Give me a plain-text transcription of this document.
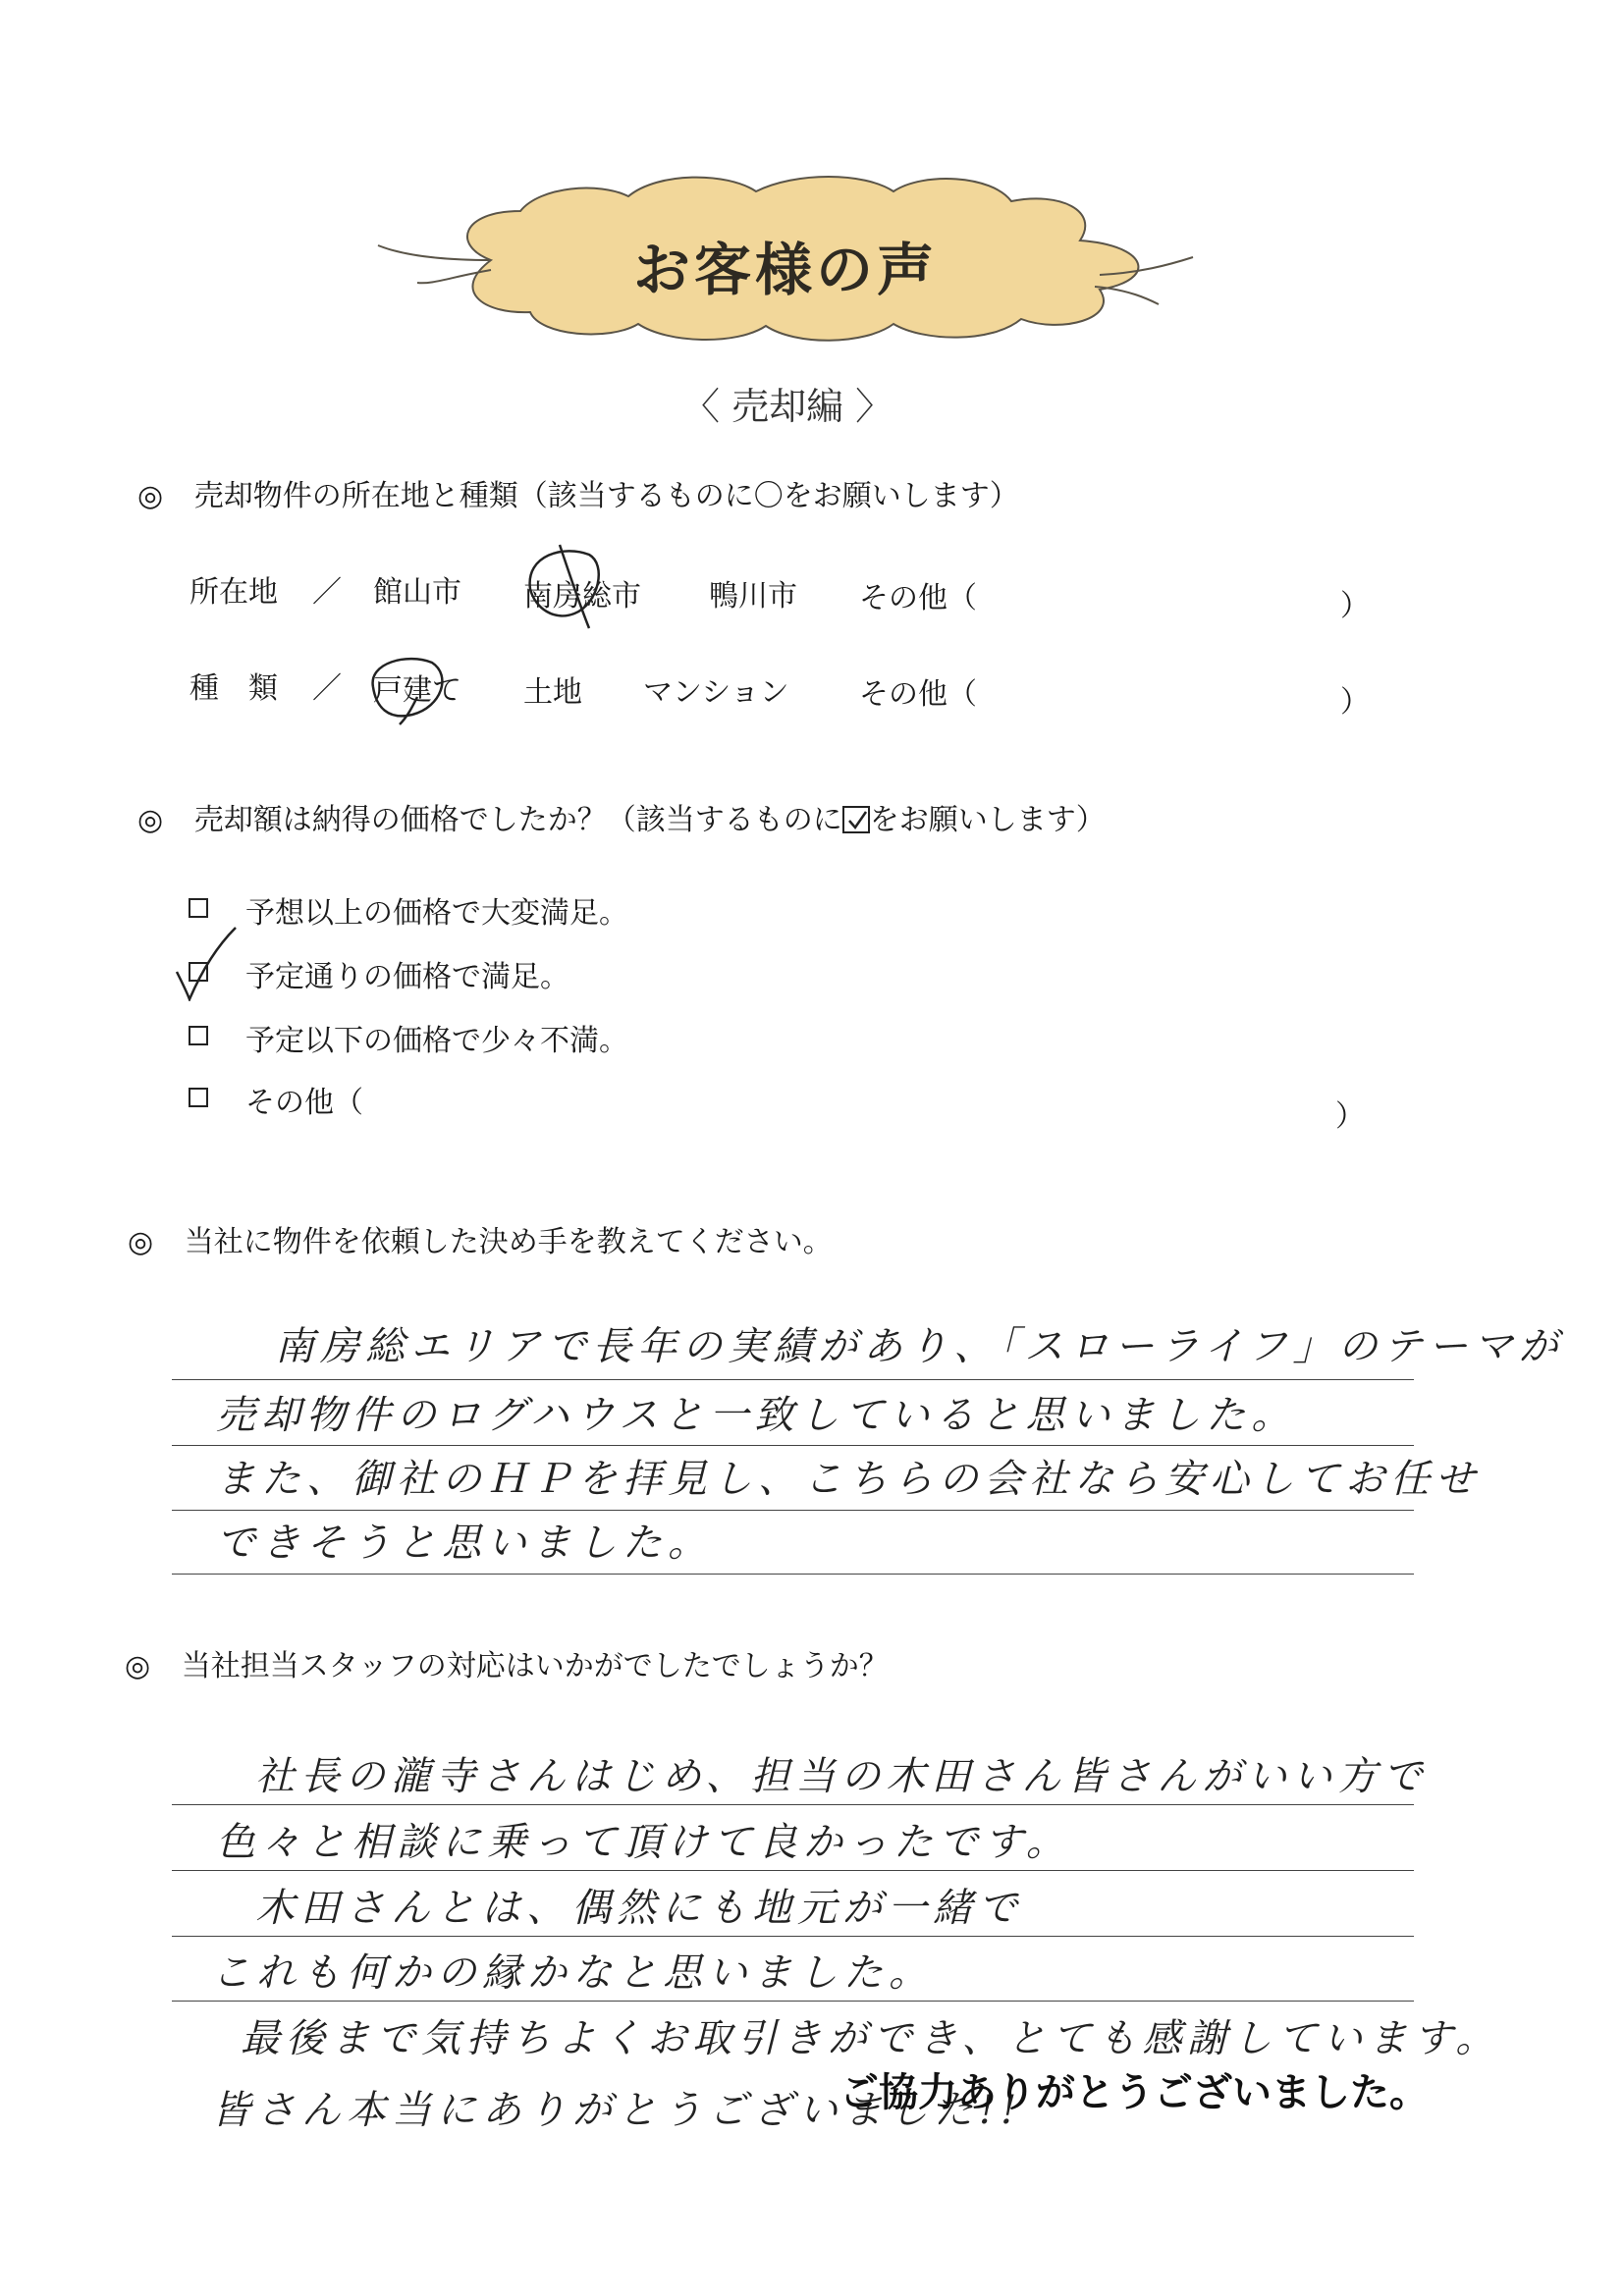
お客様の声
〈 売却編 〉
◎ 売却物件の所在地と種類（該当するものに〇をお願いします）
所在地 ／ 館山市 南房総市 鴨川市 その他（	）
種　類 ／ 戸建て 土地 マンション その他（	）
◎ 売却額は納得の価格でしたか？（該当するものに をお願いします）
予想以上の価格で大変満足。
予定通りの価格で満足。
予定以下の価格で少々不満。
その他（	）
◎ 当社に物件を依頼した決め手を教えてください。
南房総エリアで長年の実績があり、「スローライフ」のテーマが
売却物件のログハウスと一致していると思いました。
また、御社のＨＰを拝見し、こちらの会社なら安心してお任せ
できそうと思いました。
◎ 当社担当スタッフの対応はいかがでしたでしょうか？
社長の瀧寺さんはじめ、担当の木田さん皆さんがいい方で
色々と相談に乗って頂けて良かったです。
木田さんとは、偶然にも地元が一緒で
これも何かの縁かなと思いました。
最後まで気持ちよくお取引きができ、とても感謝しています。
皆さん本当にありがとうございました!!
ご協力ありがとうございました。
